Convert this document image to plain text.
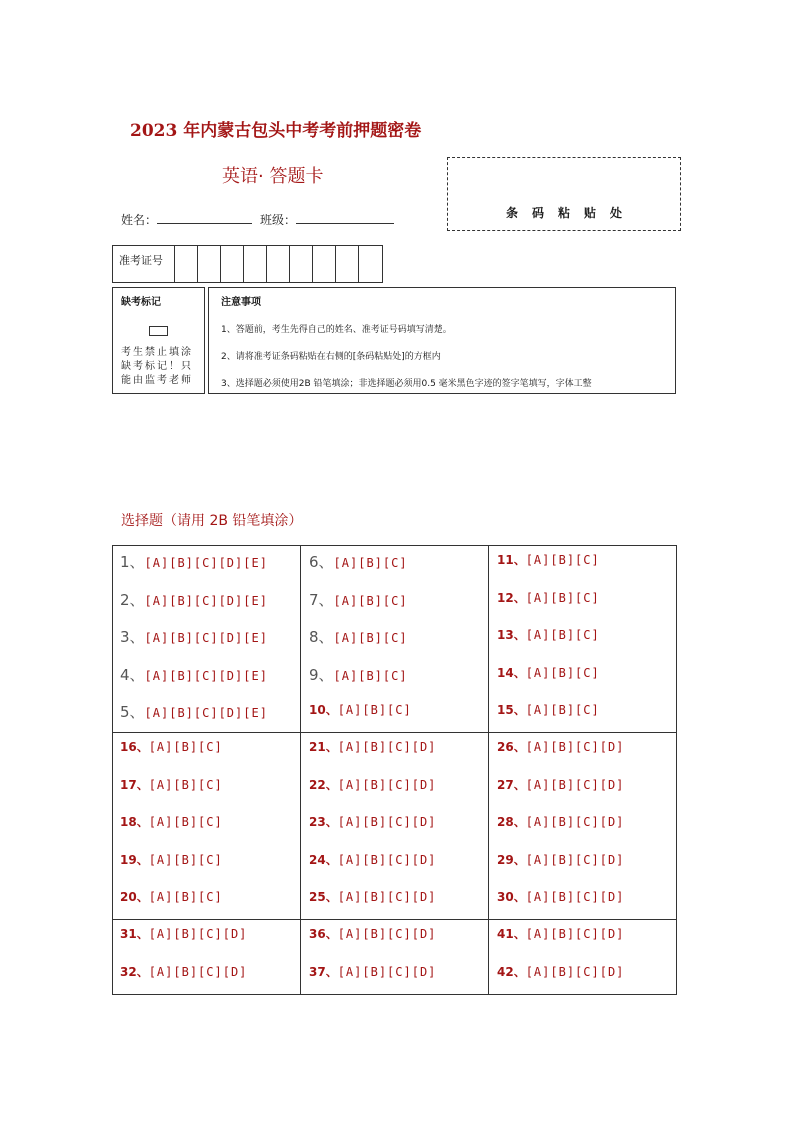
2023 年内蒙古包头中考考前押题密卷
英语· 答题卡
条码粘贴处
姓名：	班级：
准考证号
缺考标记
考生禁止填涂缺考标记！只能由监考老师
注意事项
1、答题前，考生先得自己的姓名、准考证号码填写清楚。
2、请将准考证条码粘贴在右侧的[条码粘贴处]的方框内
3、选择题必须使用2B 铅笔填涂；非选择题必须用0.5 毫米黑色字迹的签字笔填写，字体工整
选择题（请用 2B 铅笔填涂）
1、[A][B][C][D][E]
2、[A][B][C][D][E]
3、[A][B][C][D][E]
4、[A][B][C][D][E]
5、[A][B][C][D][E]
6、[A][B][C]
7、[A][B][C]
8、[A][B][C]
9、[A][B][C]
10、[A][B][C]
11、[A][B][C]
12、[A][B][C]
13、[A][B][C]
14、[A][B][C]
15、[A][B][C]
16、[A][B][C]
17、[A][B][C]
18、[A][B][C]
19、[A][B][C]
20、[A][B][C]
21、[A][B][C][D]
22、[A][B][C][D]
23、[A][B][C][D]
24、[A][B][C][D]
25、[A][B][C][D]
26、[A][B][C][D]
27、[A][B][C][D]
28、[A][B][C][D]
29、[A][B][C][D]
30、[A][B][C][D]
31、[A][B][C][D]
32、[A][B][C][D]
36、[A][B][C][D]
37、[A][B][C][D]
41、[A][B][C][D]
42、[A][B][C][D]
